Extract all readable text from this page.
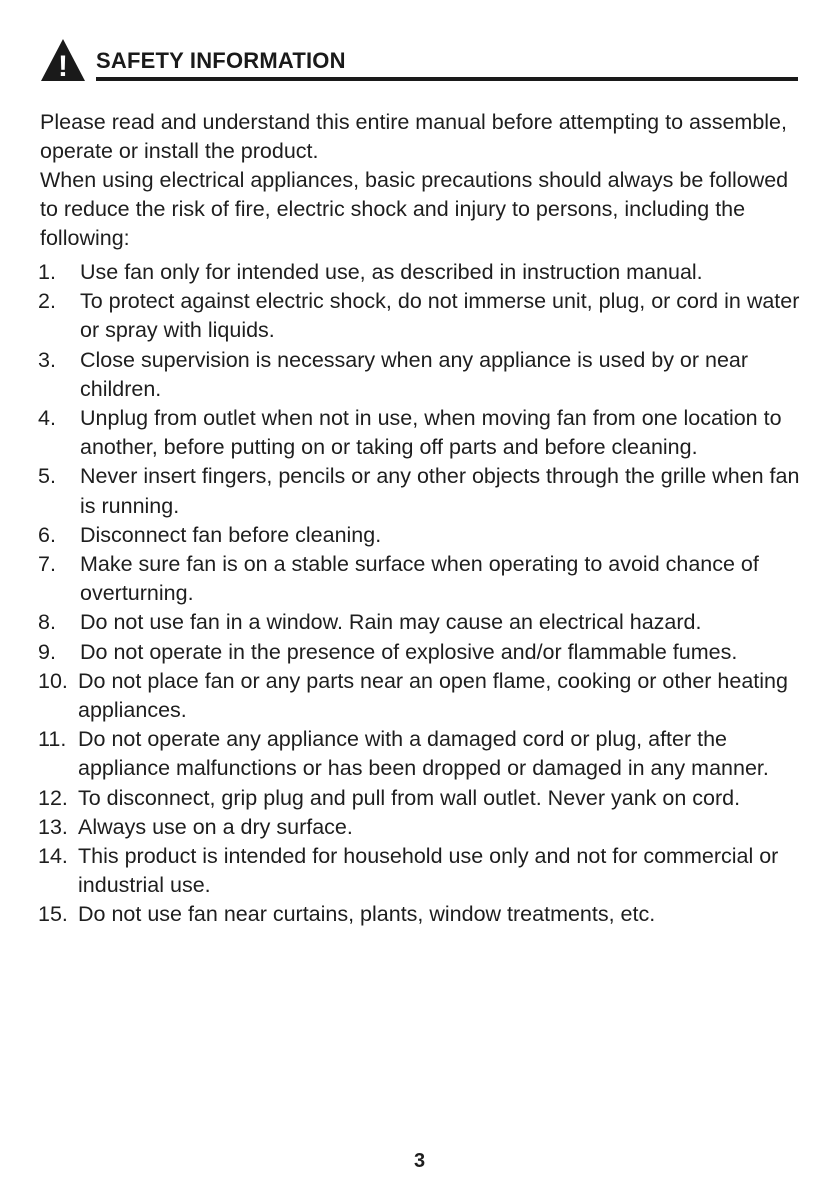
! SAFETY INFORMATION

Please read and understand this entire manual before attempting to assemble, operate or install the product.

When using electrical appliances, basic precautions should always be followed to reduce the risk of fire, electric shock and injury to persons, including the following:

1. Use fan only for intended use, as described in instruction manual.
2. To protect against electric shock, do not immerse unit, plug, or cord in water or spray with liquids.
3. Close supervision is necessary when any appliance is used by or near children.
4. Unplug from outlet when not in use, when moving fan from one location to another, before putting on or taking off parts and before cleaning.
5. Never insert fingers, pencils or any other objects through the grille when fan is running.
6. Disconnect fan before cleaning.
7. Make sure fan is on a stable surface when operating to avoid chance of overturning.
8. Do not use fan in a window. Rain may cause an electrical hazard.
9. Do not operate in the presence of explosive and/or flammable fumes.
10. Do not place fan or any parts near an open flame, cooking or other heating appliances.
11. Do not operate any appliance with a damaged cord or plug, after the appliance malfunctions or has been dropped or damaged in any manner.
12. To disconnect, grip plug and pull from wall outlet. Never yank on cord.
13. Always use on a dry surface.
14. This product is intended for household use only and not for commercial or industrial use.
15. Do not use fan near curtains, plants, window treatments, etc.
3
